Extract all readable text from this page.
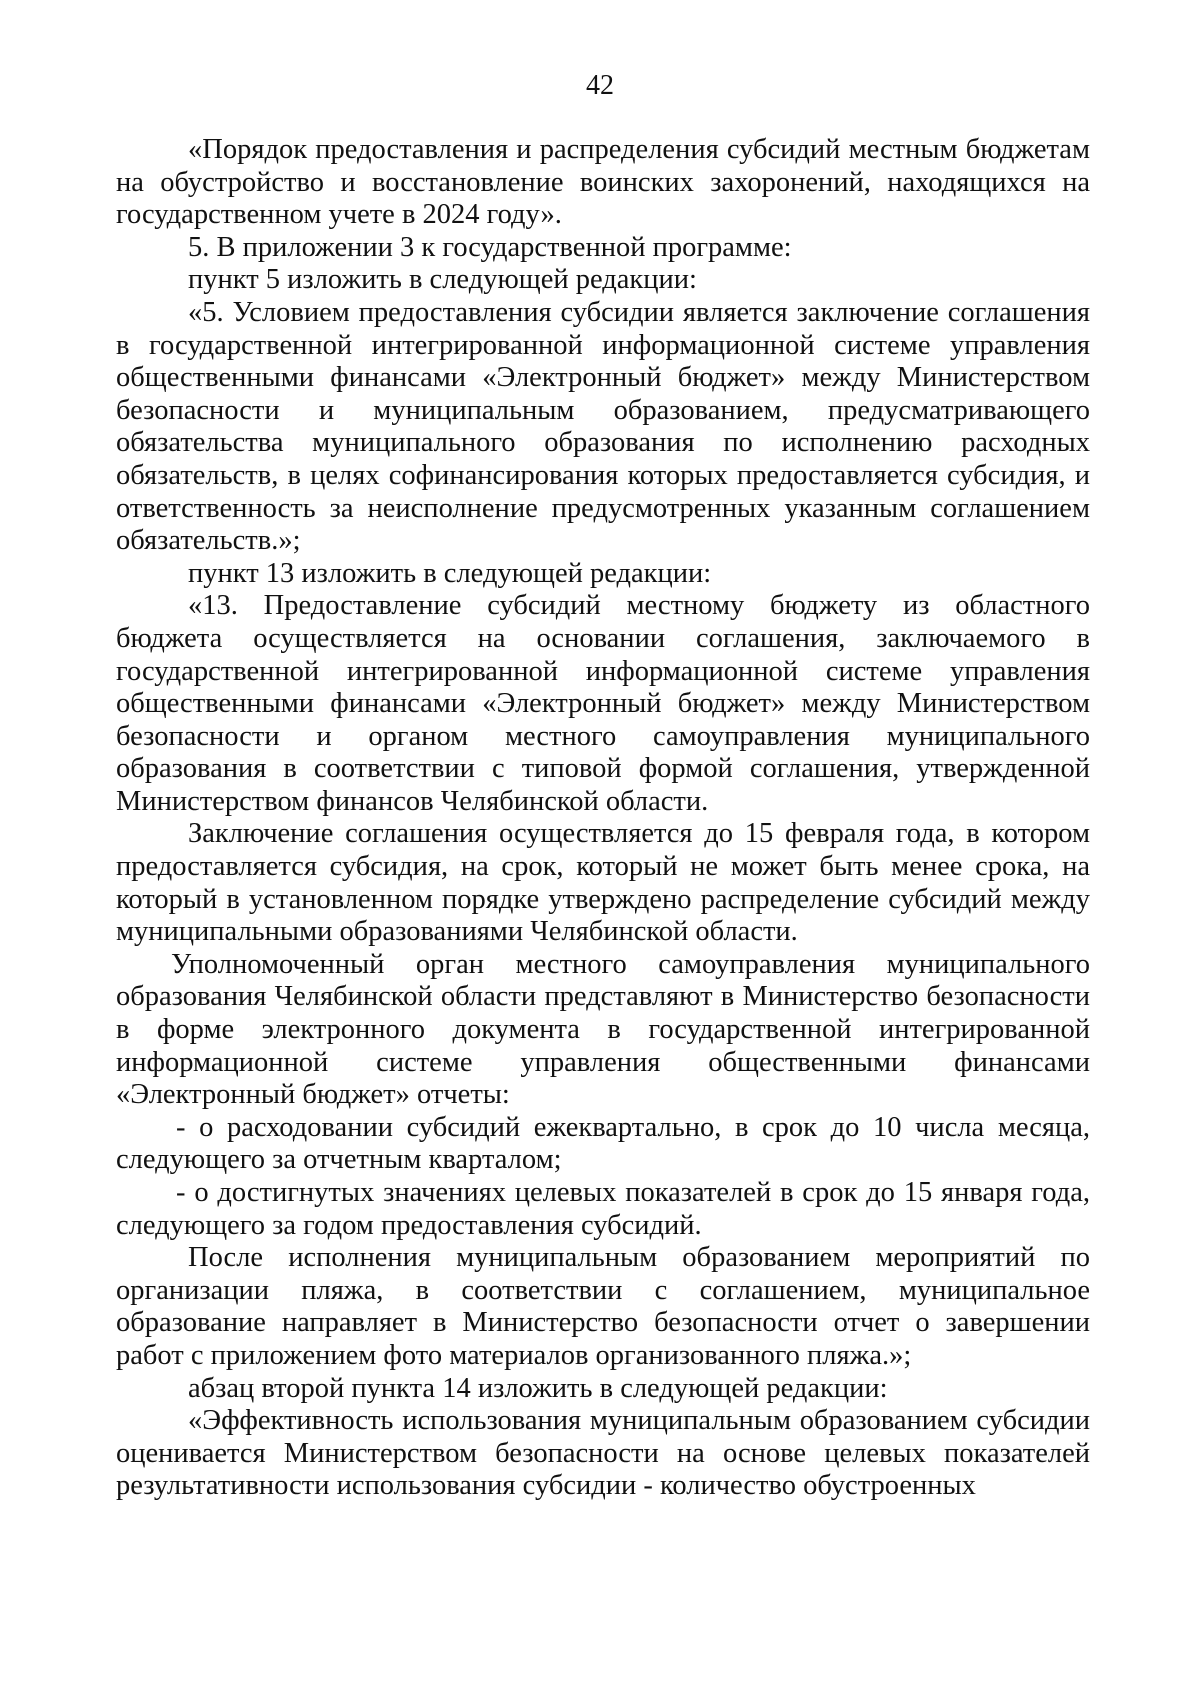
42

«Порядок предоставления и распределения субсидий местным бюджетам на обустройство и восстановление воинских захоронений, находящихся на государственном учете в 2024 году».

5. В приложении 3 к государственной программе:

пункт 5 изложить в следующей редакции:

«5. Условием предоставления субсидии является заключение соглашения в государственной интегрированной информационной системе управления общественными финансами «Электронный бюджет» между Министерством безопасности и муниципальным образованием, предусматривающего обязательства муниципального образования по исполнению расходных обязательств, в целях софинансирования которых предоставляется субсидия, и ответственность за неисполнение предусмотренных указанным соглашением обязательств.»;

пункт 13 изложить в следующей редакции:

«13. Предоставление субсидий местному бюджету из областного бюджета осуществляется на основании соглашения, заключаемого в государственной интегрированной информационной системе управления общественными финансами «Электронный бюджет» между Министерством безопасности и органом местного самоуправления муниципального образования в соответствии с типовой формой соглашения, утвержденной Министерством финансов Челябинской области.

Заключение соглашения осуществляется до 15 февраля года, в котором предоставляется субсидия, на срок, который не может быть менее срока, на который в установленном порядке утверждено распределение субсидий между муниципальными образованиями Челябинской области.

Уполномоченный орган местного самоуправления муниципального образования Челябинской области представляют в Министерство безопасности в форме электронного документа в государственной интегрированной информационной системе управления общественными финансами «Электронный бюджет» отчеты:

- о расходовании субсидий ежеквартально, в срок до 10 числа месяца, следующего за отчетным кварталом;

- о достигнутых значениях целевых показателей в срок до 15 января года, следующего за годом предоставления субсидий.

После исполнения муниципальным образованием мероприятий по организации пляжа, в соответствии с соглашением, муниципальное образование направляет в Министерство безопасности отчет о завершении работ с приложением фото материалов организованного пляжа.»;

абзац второй пункта 14 изложить в следующей редакции:

«Эффективность использования муниципальным образованием субсидии оценивается Министерством безопасности на основе целевых показателей результативности использования субсидии - количество обустроенных
